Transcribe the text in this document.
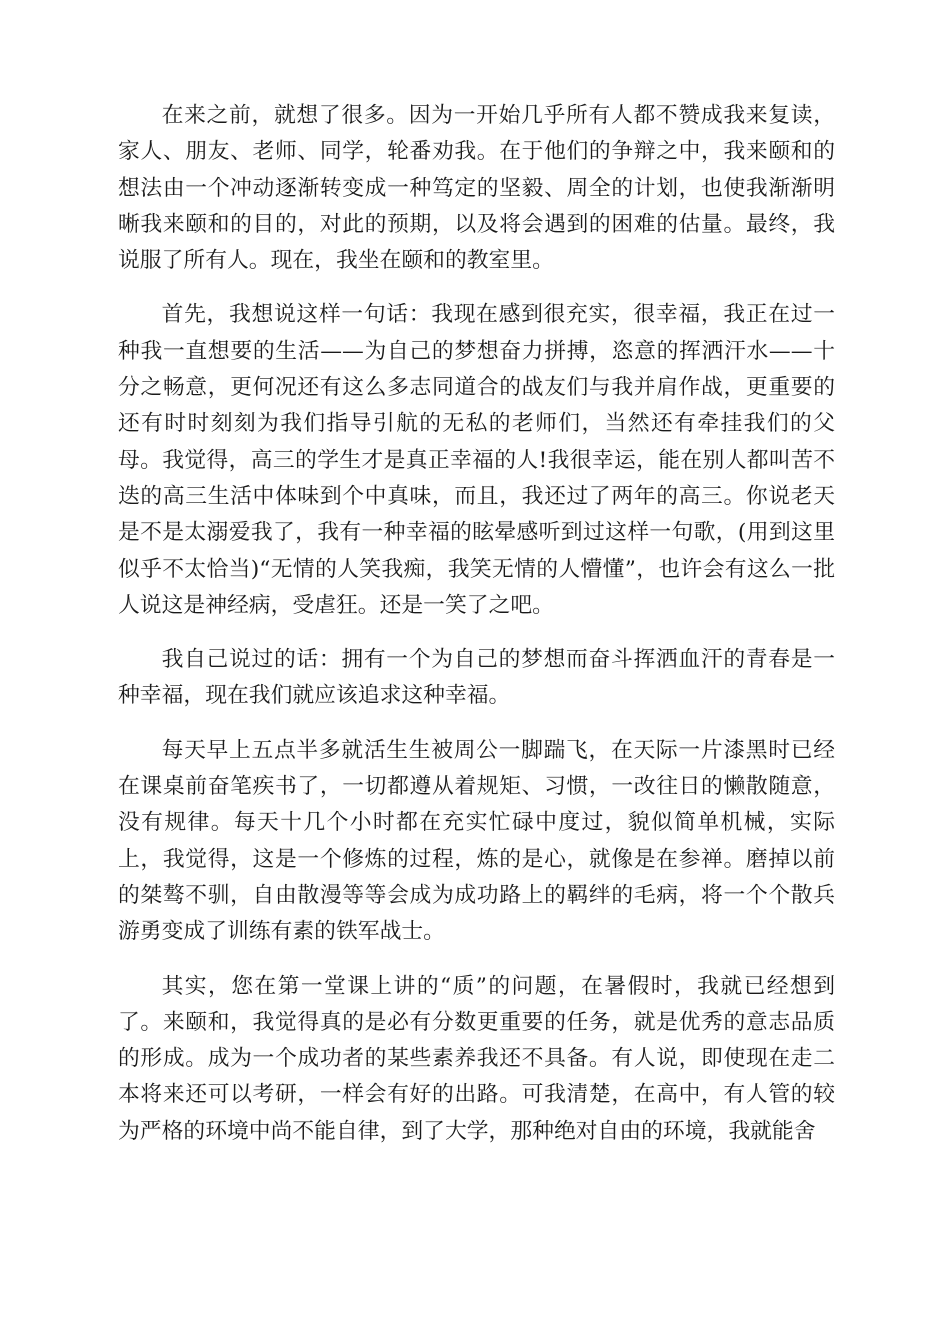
在来之前，就想了很多。因为一开始几乎所有人都不赞成我来复读，家人、朋友、老师、同学，轮番劝我。在于他们的争辩之中，我来颐和的想法由一个冲动逐渐转变成一种笃定的坚毅、周全的计划，也使我渐渐明晰我来颐和的目的，对此的预期，以及将会遇到的困难的估量。最终，我说服了所有人。现在，我坐在颐和的教室里。

首先，我想说这样一句话：我现在感到很充实，很幸福，我正在过一种我一直想要的生活——为自己的梦想奋力拼搏，恣意的挥洒汗水——十分之畅意，更何况还有这么多志同道合的战友们与我并肩作战，更重要的还有时时刻刻为我们指导引航的无私的老师们，当然还有牵挂我们的父母。我觉得，高三的学生才是真正幸福的人!我很幸运，能在别人都叫苦不迭的高三生活中体味到个中真味，而且，我还过了两年的高三。你说老天是不是太溺爱我了，我有一种幸福的眩晕感听到过这样一句歌，(用到这里似乎不太恰当)“无情的人笑我痴，我笑无情的人懵懂”，也许会有这么一批人说这是神经病，受虐狂。还是一笑了之吧。

我自己说过的话：拥有一个为自己的梦想而奋斗挥洒血汗的青春是一种幸福，现在我们就应该追求这种幸福。

每天早上五点半多就活生生被周公一脚踹飞，在天际一片漆黑时已经在课桌前奋笔疾书了，一切都遵从着规矩、习惯，一改往日的懒散随意，没有规律。每天十几个小时都在充实忙碌中度过，貌似简单机械，实际上，我觉得，这是一个修炼的过程，炼的是心，就像是在参禅。磨掉以前的桀骜不驯，自由散漫等等会成为成功路上的羁绊的毛病，将一个个散兵游勇变成了训练有素的铁军战士。

其实，您在第一堂课上讲的“质”的问题，在暑假时，我就已经想到了。来颐和，我觉得真的是必有分数更重要的任务，就是优秀的意志品质的形成。成为一个成功者的某些素养我还不具备。有人说，即使现在走二本将来还可以考研，一样会有好的出路。可我清楚，在高中，有人管的较为严格的环境中尚不能自律，到了大学，那种绝对自由的环境，我就能舍
